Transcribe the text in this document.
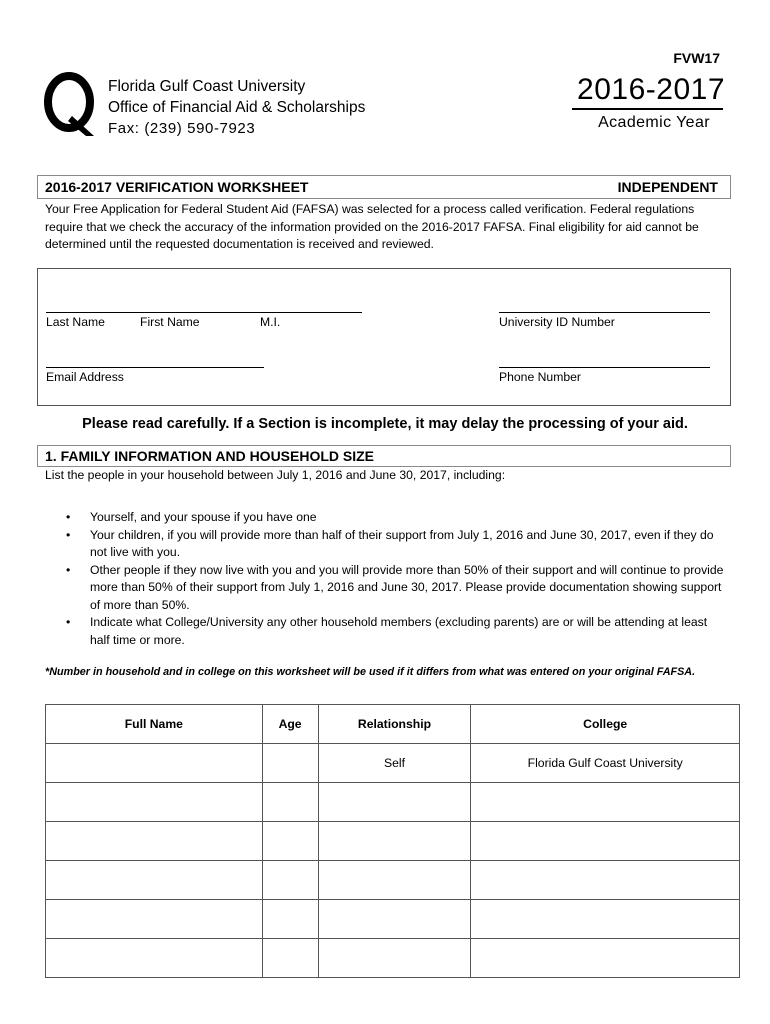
FVW17
Florida Gulf Coast University
Office of Financial Aid & Scholarships
Fax: (239) 590-7923
2016-2017
Academic Year
2016-2017 VERIFICATION WORKSHEET	INDEPENDENT
Your Free Application for Federal Student Aid (FAFSA) was selected for a process called verification. Federal regulations require that we check the accuracy of the information provided on the 2016-2017 FAFSA. Final eligibility for aid cannot be determined until the requested documentation is received and reviewed.
Last Name	First Name	M.I.	University ID Number
Email Address	Phone Number
Please read carefully. If a Section is incomplete, it may delay the processing of your aid.
1. FAMILY INFORMATION AND HOUSEHOLD SIZE
List the people in your household between July 1, 2016 and June 30, 2017, including:
• Yourself, and your spouse if you have one
• Your children, if you will provide more than half of their support from July 1, 2016 and June 30, 2017, even if they do not live with you.
• Other people if they now live with you and you will provide more than 50% of their support and will continue to provide more than 50% of their support from July 1, 2016 and June 30, 2017. Please provide documentation showing support of more than 50%.
• Indicate what College/University any other household members (excluding parents) are or will be attending at least half time or more.
*Number in household and in college on this worksheet will be used if it differs from what was entered on your original FAFSA.
Full Name	Age	Relationship	College
		Self	Florida Gulf Coast University
